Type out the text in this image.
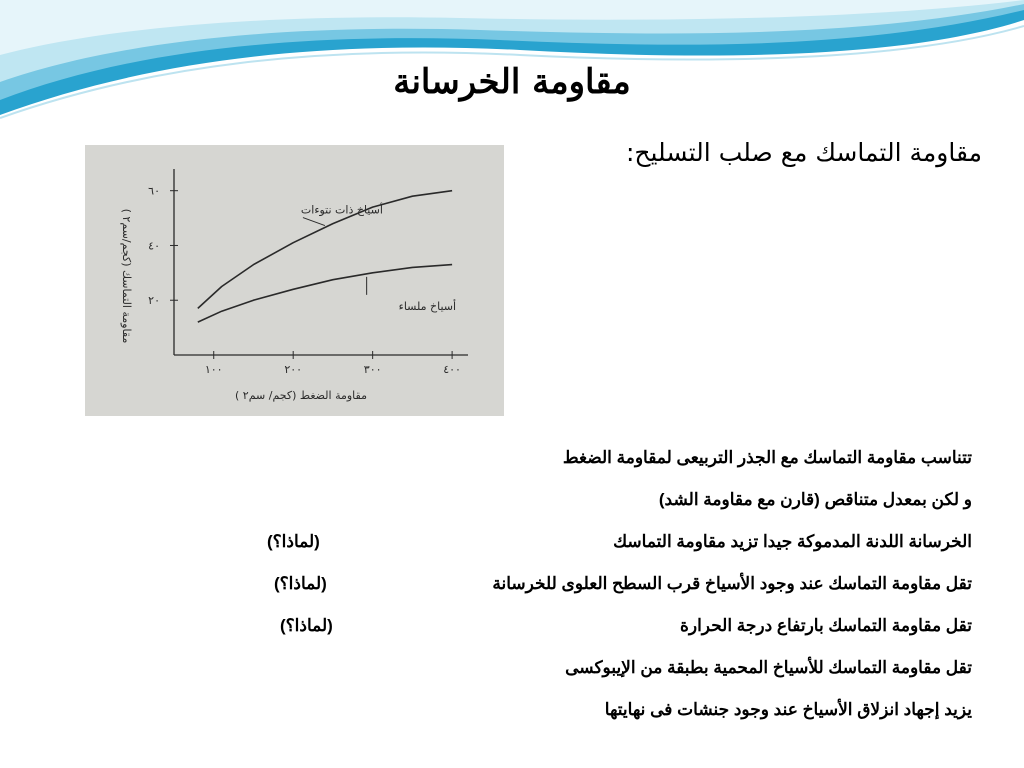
مقاومة الخرسانة
مقاومة التماسك مع صلب التسليح:
١٠٠	٢٠٠	٣٠٠	٤٠٠
٢٠
٤٠
٦٠
مقاومة الضغط (كجم/ سم٢ )
مقاومة التماسك (كجم/سم٢ )
أسياخ ذات نتوءات
أسياخ ملساء
تتناسب مقاومة التماسك مع الجذر التربيعى لمقاومة الضغط
و لكن بمعدل متناقص (قارن مع مقاومة الشد)
الخرسانة اللدنة المدموكة جيدا تزيد مقاومة التماسك
(لماذا؟)
تقل مقاومة التماسك عند وجود الأسياخ قرب السطح العلوى للخرسانة
(لماذا؟)
تقل مقاومة التماسك بارتفاع درجة الحرارة
(لماذا؟)
تقل مقاومة التماسك للأسياخ المحمية بطبقة من الإيبوكسى
يزيد إجهاد انزلاق الأسياخ عند وجود جنشات فى نهايتها
